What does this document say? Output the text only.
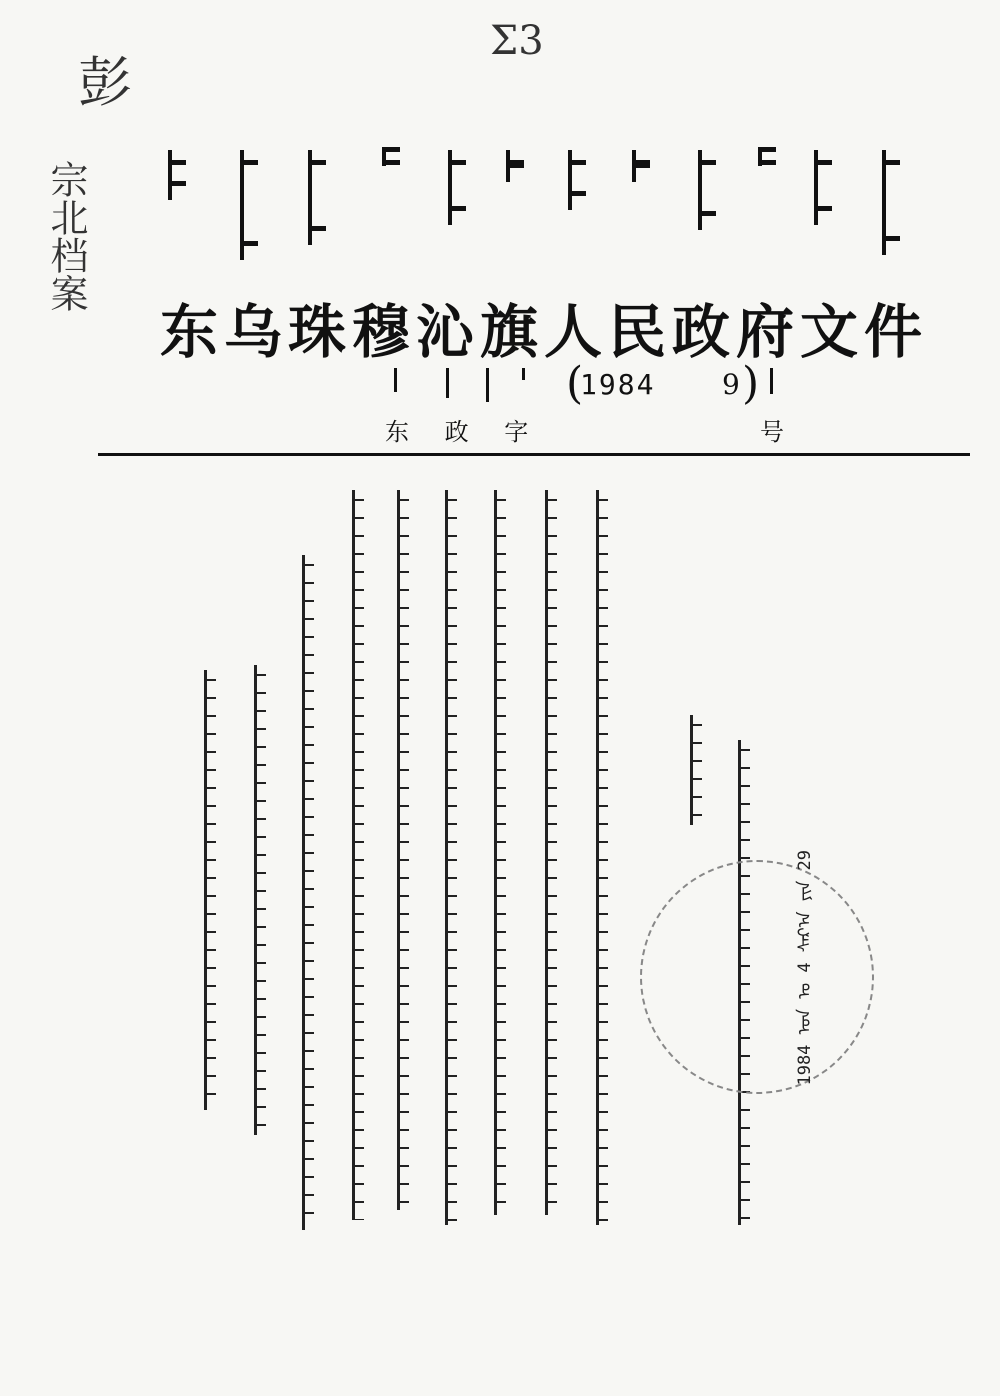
彭
Σ3
宗北档案
东乌珠穆沁旗人民政府文件
(
1984 9 )
东 政 字	号
1984 ᠣᠨ ᠤ 4 ᠰᠠᠷ᠎ᠠ ᠶᠢᠨ 29
